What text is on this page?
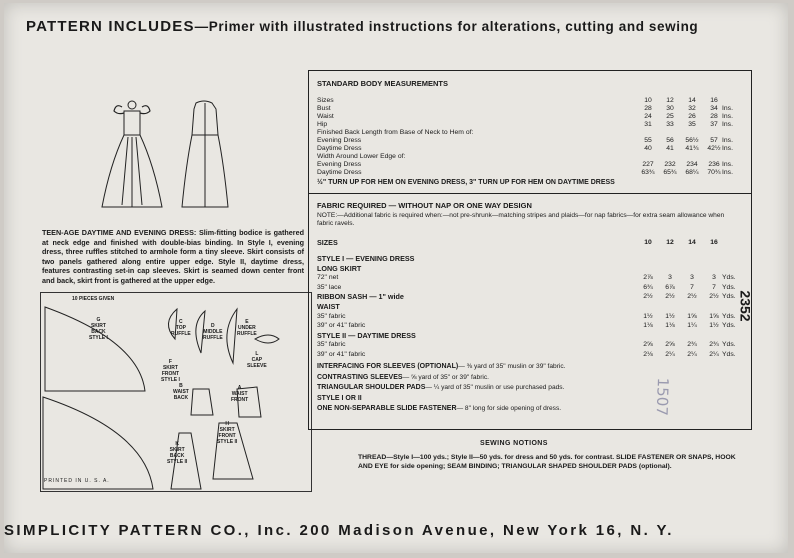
PATTERN INCLUDES—Primer with illustrated instructions for alterations, cutting and sewing
TEEN-AGE DAYTIME AND EVENING DRESS: Slim-fitting bodice is gathered at neck edge and finished with double-bias binding. In Style I, evening dress, three ruffles stitched to armhole form a tiny sleeve. Skirt consists of two panels gathered along entire upper edge. Style II, daytime dress, features contrasting set-in cap sleeves. Skirt is seamed down center front and back, skirt front is gathered at the upper edge.
G
SKIRT
BACK
STYLE I
C
TOP
RUFFLE
D
MIDDLE
RUFFLE
E
UNDER
RUFFLE
L
CAP
SLEEVE
F
SKIRT
FRONT
STYLE I
B
WAIST
BACK
A
WAIST
FRONT
H
SKIRT
FRONT
STYLE II
K
SKIRT
BACK
STYLE II
10 PIECES GIVEN
PRINTED IN U. S. A.
STANDARD BODY MEASUREMENTS
Sizes	10	12	14	16
Bust	28	30	32	34 Ins.
Waist	24	25	26	28 Ins.
Hip	31	33	35	37 Ins.
Finished Back Length from Base of Neck to Hem of:
Evening Dress	55	56	56½	57 Ins.
Daytime Dress	40	41	41¾	42½ Ins.
Width Around Lower Edge of:
Evening Dress	227	232	234	236 Ins.
Daytime Dress	63¾	65¾	68¼	70¾ Ins.
½" TURN UP FOR HEM ON EVENING DRESS, 3" TURN UP FOR HEM ON DAYTIME DRESS
FABRIC REQUIRED — WITHOUT NAP OR ONE WAY DESIGN
NOTE:—Additional fabric is required when:—not pre-shrunk—matching stripes and plaids—for nap fabrics—for extra seam allowance when fabric ravels.
SIZES	10	12	14	16
STYLE I — EVENING DRESS
LONG SKIRT
72" net	2⅞	3	3	3 Yds.
35" lace	6¾	6⅞	7	7 Yds.
RIBBON SASH — 1" wide	2½	2½	2½	2½ Yds.
WAIST
35" fabric	1½	1½	1⅝	1⅝ Yds.
39" or 41" fabric	1⅛	1⅛	1¼	1½ Yds.
STYLE II — DAYTIME DRESS
35" fabric	2⅝	2⅝	2¾	2¾ Yds.
39" or 41" fabric	2⅛	2¼	2¼	2¼ Yds.
INTERFACING FOR SLEEVES (OPTIONAL)— ⅜ yard of 35" muslin or 39" fabric.
CONTRASTING SLEEVES— ⅝ yard of 35" or 39" fabric.
TRIANGULAR SHOULDER PADS— ¼ yard of 35" muslin or use purchased pads.
STYLE I OR II
ONE NON-SEPARABLE SLIDE FASTENER— 8" long for side opening of dress.
2352
1507
SEWING NOTIONS
THREAD—Style I—100 yds.; Style II—50 yds. for dress and 50 yds. for contrast. SLIDE FASTENER OR SNAPS, HOOK AND EYE for side opening; SEAM BINDING; TRIANGULAR SHAPED SHOULDER PADS (optional).
SIMPLICITY PATTERN CO., Inc. 200 Madison Avenue, New York 16, N. Y.
